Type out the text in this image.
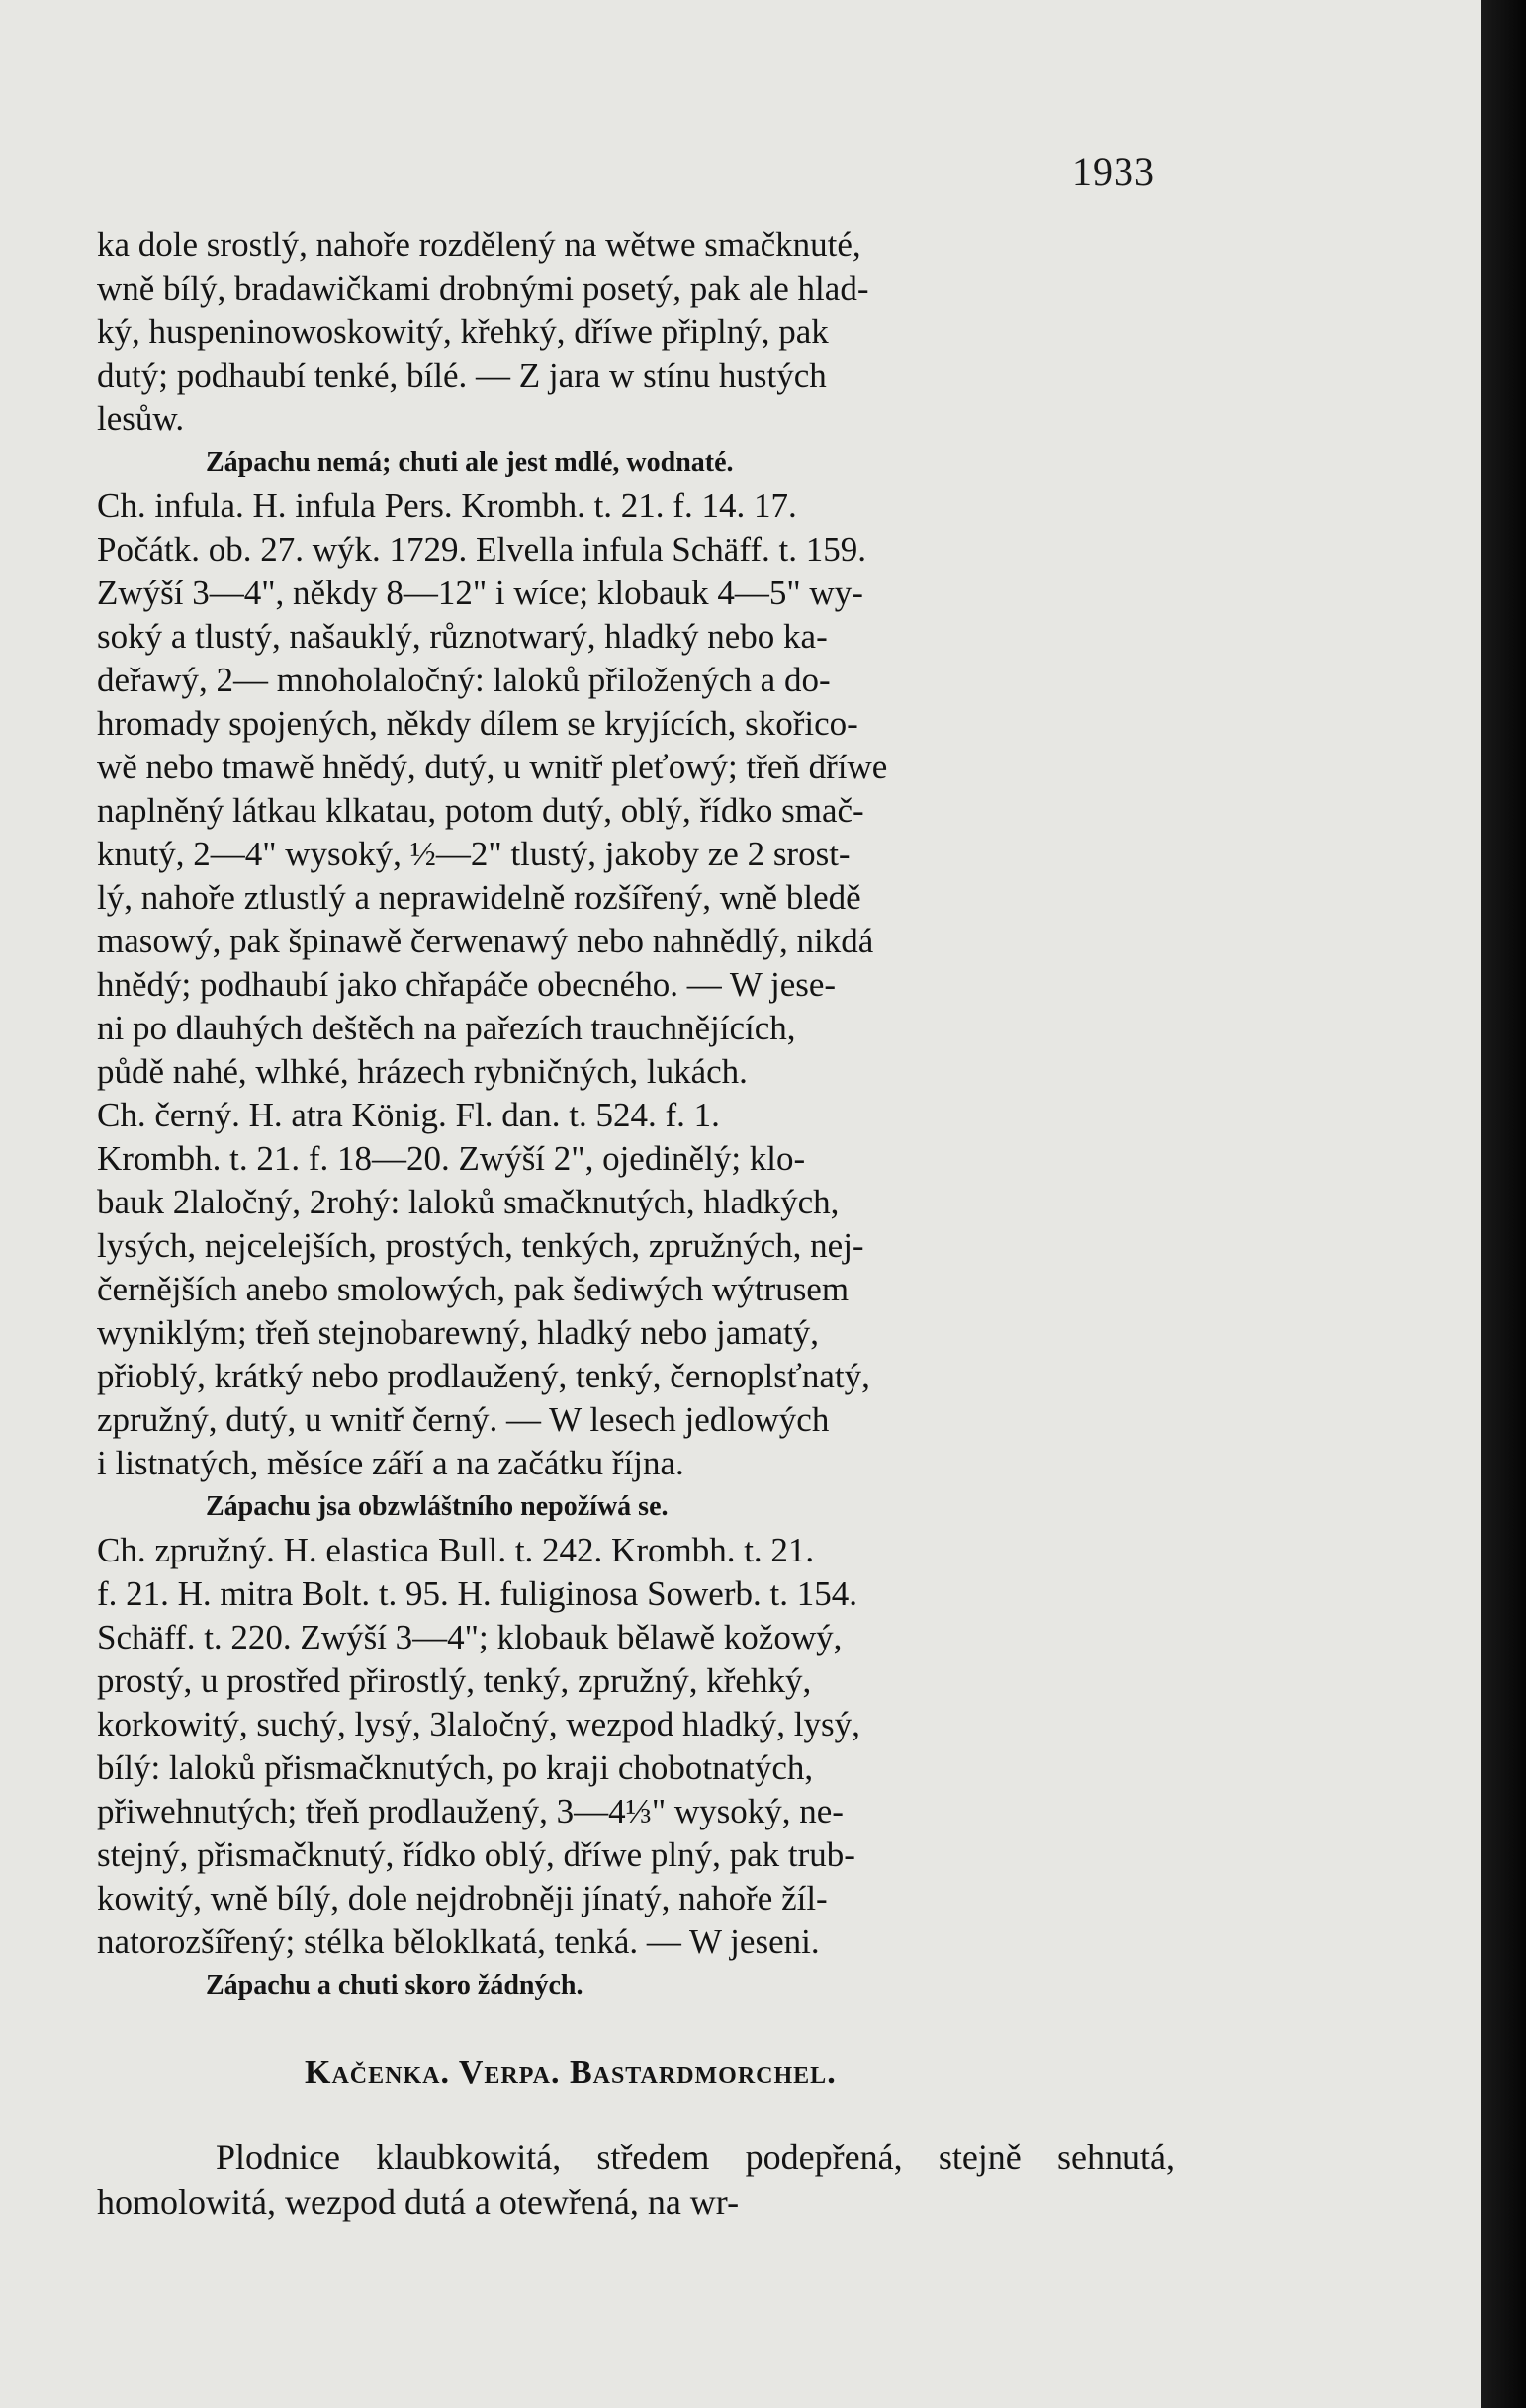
1933
ka dole srostlý, nahoře rozdělený na wětwe smačknuté,
wně bílý, bradawičkami drobnými posetý, pak ale hlad-
ký, huspeninowoskowitý, křehký, dříwe připlný, pak
dutý; podhaubí tenké, bílé. — Z jara w stínu hustých
lesůw.
Zápachu nemá; chuti ale jest mdlé, wodnaté.
Ch. infula. H. infula Pers. Krombh. t. 21. f. 14. 17.
Počátk. ob. 27. wýk. 1729. Elvella infula Schäff. t. 159.
Zwýší 3—4", někdy 8—12" i wíce; klobauk 4—5" wy-
soký a tlustý, našauklý, různotwarý, hladký nebo ka-
deřawý, 2— mnoholaločný: laloků přiložených a do-
hromady spojených, někdy dílem se kryjících, skořico-
wě nebo tmawě hnědý, dutý, u wnitř pleťowý; třeň dříwe
naplněný látkau klkatau, potom dutý, oblý, řídko smač-
knutý, 2—4" wysoký, ½—2" tlustý, jakoby ze 2 srost-
lý, nahoře ztlustlý a neprawidelně rozšířený, wně bledě
masowý, pak špinawě čerwenawý nebo nahnědlý, nikdá
hnědý; podhaubí jako chřapáče obecného. — W jese-
ni po dlauhých deštěch na pařezích trauchnějících,
půdě nahé, wlhké, hrázech rybničných, lukách.
Ch. černý. H. atra König. Fl. dan. t. 524. f. 1.
Krombh. t. 21. f. 18—20. Zwýší 2", ojedinělý; klo-
bauk 2laločný, 2rohý: laloků smačknutých, hladkých,
lysých, nejcelejších, prostých, tenkých, zpružných, nej-
černějších anebo smolowých, pak šediwých wýtrusem
wyniklým; třeň stejnobarewný, hladký nebo jamatý,
přioblý, krátký nebo prodlaužený, tenký, černoplsťnatý,
zpružný, dutý, u wnitř černý. — W lesech jedlowých
i listnatých, měsíce září a na začátku října.
Zápachu jsa obzwláštního nepožíwá se.
Ch. zpružný. H. elastica Bull. t. 242. Krombh. t. 21.
f. 21. H. mitra Bolt. t. 95. H. fuliginosa Sowerb. t. 154.
Schäff. t. 220. Zwýší 3—4"; klobauk bělawě kožowý,
prostý, u prostřed přirostlý, tenký, zpružný, křehký,
korkowitý, suchý, lysý, 3laločný, wezpod hladký, lysý,
bílý: laloků přismačknutých, po kraji chobotnatých,
přiwehnutých; třeň prodlaužený, 3—4⅓" wysoký, ne-
stejný, přismačknutý, řídko oblý, dříwe plný, pak trub-
kowitý, wně bílý, dole nejdrobněji jínatý, nahoře žíl-
natorozšířený; stélka běloklkatá, tenká. — W jeseni.
Zápachu a chuti skoro žádných.
Kačenka. Verpa. Bastardmorchel.
Plodnice klaubkowitá, středem podepřená, stejně sehnutá, homolowitá, wezpod dutá a otewřená, na wr-
